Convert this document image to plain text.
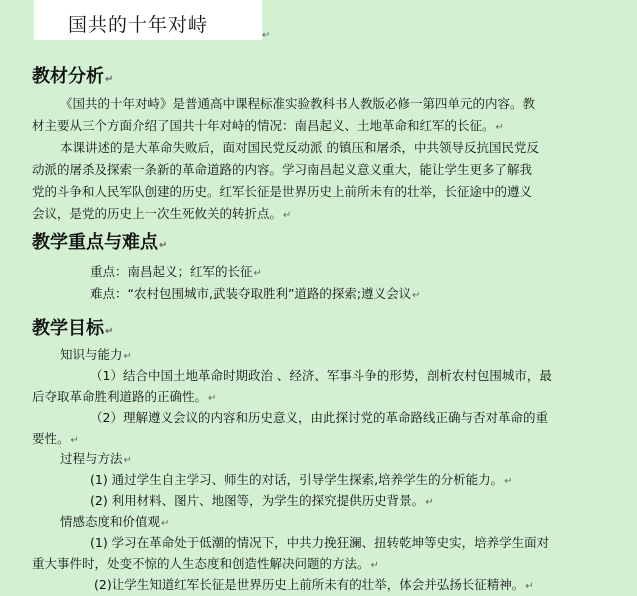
国共的十年对峙	↵
教材分析↵
《国共的十年对峙》是普通高中课程标准实验教科书人教版必修一第四单元的内容。教
材主要从三个方面介绍了国共十年对峙的情况：南昌起义、土地革命和红军的长征。↵
本课讲述的是大革命失败后，面对国民党反动派 的镇压和屠杀，中共领导反抗国民党反
动派的屠杀及探索一条新的革命道路的内容。学习南昌起义意义重大，能让学生更多了解我
党的斗争和人民军队创建的历史。红军长征是世界历史上前所未有的壮举，长征途中的遵义
会议，是党的历史上一次生死攸关的转折点。↵
教学重点与难点↵
重点：南昌起义；红军的长征↵
难点：“农村包围城市,武装夺取胜利”道路的探索;遵义会议↵
教学目标↵
知识与能力↵
（1）结合中国土地革命时期政治 、经济、军事斗争的形势，剖析农村包围城市，最
后夺取革命胜利道路的正确性。↵
（2）理解遵义会议的内容和历史意义，由此探讨党的革命路线正确与否对革命的重
要性。↵
过程与方法↵
(1) 通过学生自主学习、师生的对话，引导学生探索,培养学生的分析能力。↵
(2) 利用材料、图片、地图等，为学生的探究提供历史背景。↵
情感态度和价值观↵
(1) 学习在革命处于低潮的情况下，中共力挽狂澜、扭转乾坤等史实，培养学生面对
重大事件时，处变不惊的人生态度和创造性解决问题的方法。↵
(2)让学生知道红军长征是世界历史上前所未有的壮举，体会并弘扬长征精神。↵
